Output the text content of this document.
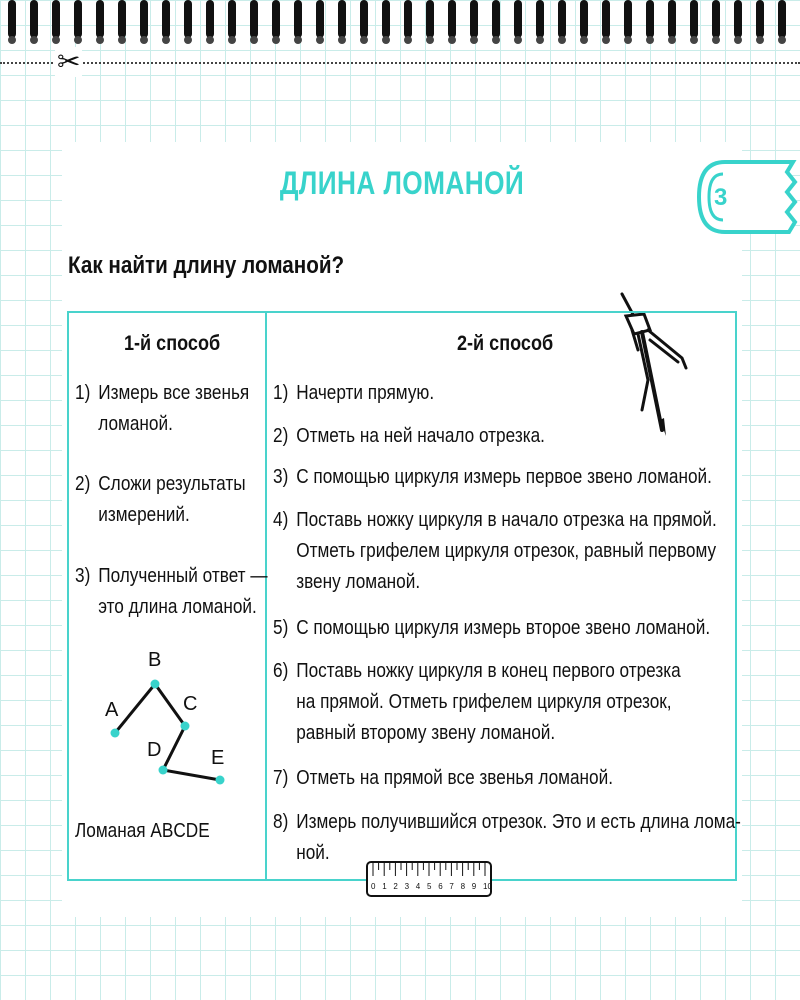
✂
3
ДЛИНА ЛОМАНОЙ
Как найти длину ломаной?
1-й способ	2-й способ
1) Измерь все звенья
ломаной.
2) Сложи результаты
измерений.
3) Полученный ответ —
это длина ломаной.
A
B
C
D E
Ломаная ABCDE
1) Начерти прямую.
2) Отметь на ней начало отрезка.
3) С помощью циркуля измерь первое звено ломаной.
4) Поставь ножку циркуля в начало отрезка на прямой.
Отметь грифелем циркуля отрезок, равный первому
звену ломаной.
5) С помощью циркуля измерь второе звено ломаной.
6) Поставь ножку циркуля в конец первого отрезка
на прямой. Отметь грифелем циркуля отрезок,
равный второму звену ломаной.
7) Отметь на прямой все звенья ломаной.
8) Измерь получившийся отрезок. Это и есть длина лома-
ной.
0 1 2 3 4 5 6 7 8 9 10
